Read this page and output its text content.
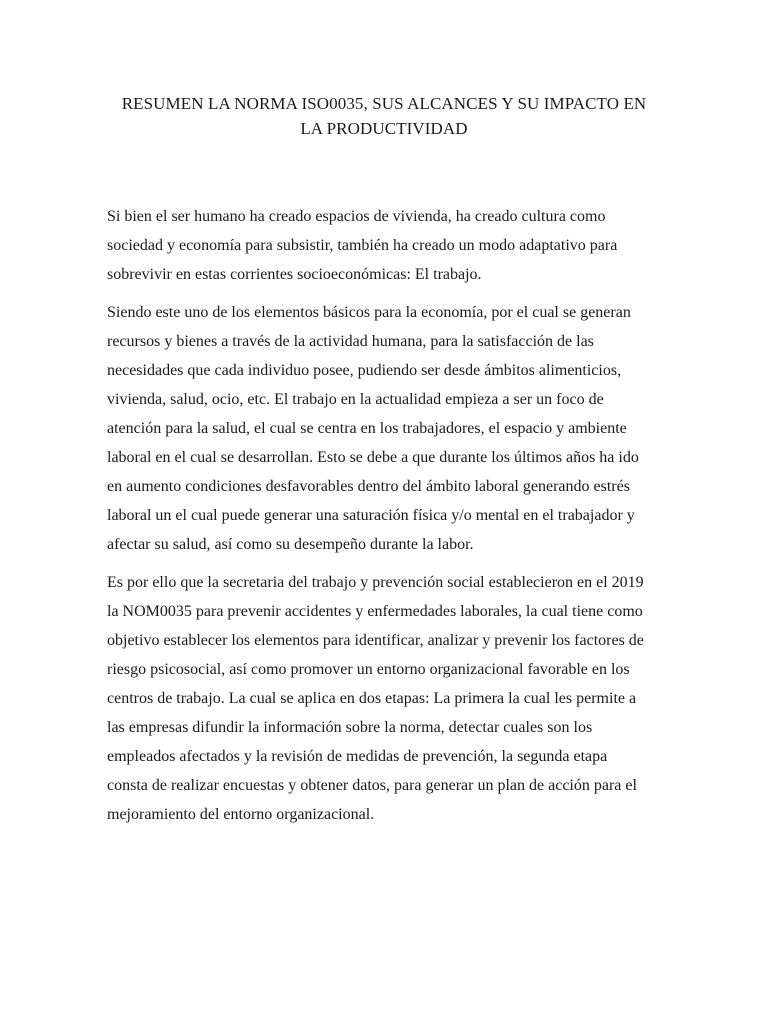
RESUMEN LA NORMA ISO0035, SUS ALCANCES Y SU IMPACTO EN
LA PRODUCTIVIDAD

Si bien el ser humano ha creado espacios de vivienda, ha creado cultura como
sociedad y economía para subsistir, también ha creado un modo adaptativo para
sobrevivir en estas corrientes socioeconómicas: El trabajo.

Siendo este uno de los elementos básicos para la economía, por el cual se generan
recursos y bienes a través de la actividad humana, para la satisfacción de las
necesidades que cada individuo posee, pudiendo ser desde ámbitos alimenticios,
vivienda, salud, ocio, etc. El trabajo en la actualidad empieza a ser un foco de
atención para la salud, el cual se centra en los trabajadores, el espacio y ambiente
laboral en el cual se desarrollan. Esto se debe a que durante los últimos años ha ido
en aumento condiciones desfavorables dentro del ámbito laboral generando estrés
laboral un el cual puede generar una saturación física y/o mental en el trabajador y
afectar su salud, así como su desempeño durante la labor.

Es por ello que la secretaria del trabajo y prevención social establecieron en el 2019
la NOM0035 para prevenir accidentes y enfermedades laborales, la cual tiene como
objetivo establecer los elementos para identificar, analizar y prevenir los factores de
riesgo psicosocial, así como promover un entorno organizacional favorable en los
centros de trabajo. La cual se aplica en dos etapas: La primera la cual les permite a
las empresas difundir la información sobre la norma, detectar cuales son los
empleados afectados y la revisión de medidas de prevención, la segunda etapa
consta de realizar encuestas y obtener datos, para generar un plan de acción para el
mejoramiento del entorno organizacional.
